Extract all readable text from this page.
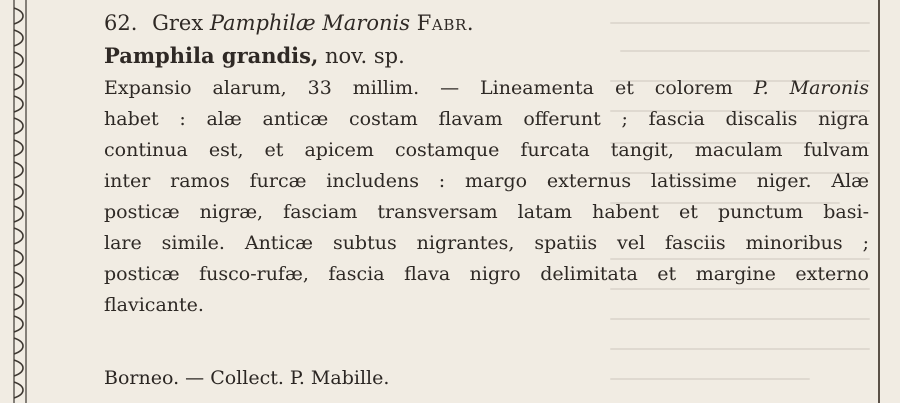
62. Grex Pamphilæ Maronis Fabr.
Pamphila grandis, nov. sp.
Expansio alarum, 33 millim. — Lineamenta et colorem P. Maronis
habet : alæ anticæ costam flavam offerunt ; fascia discalis nigra
continua est, et apicem costamque furcata tangit, maculam fulvam
inter ramos furcæ includens : margo externus latissime niger. Alæ
posticæ nigræ, fasciam transversam latam habent et punctum basi-
lare simile. Anticæ subtus nigrantes, spatiis vel fasciis minoribus ;
posticæ fusco-rufæ, fascia flava nigro delimitata et margine externo
flavicante.
Borneo. — Collect. P. Mabille.
